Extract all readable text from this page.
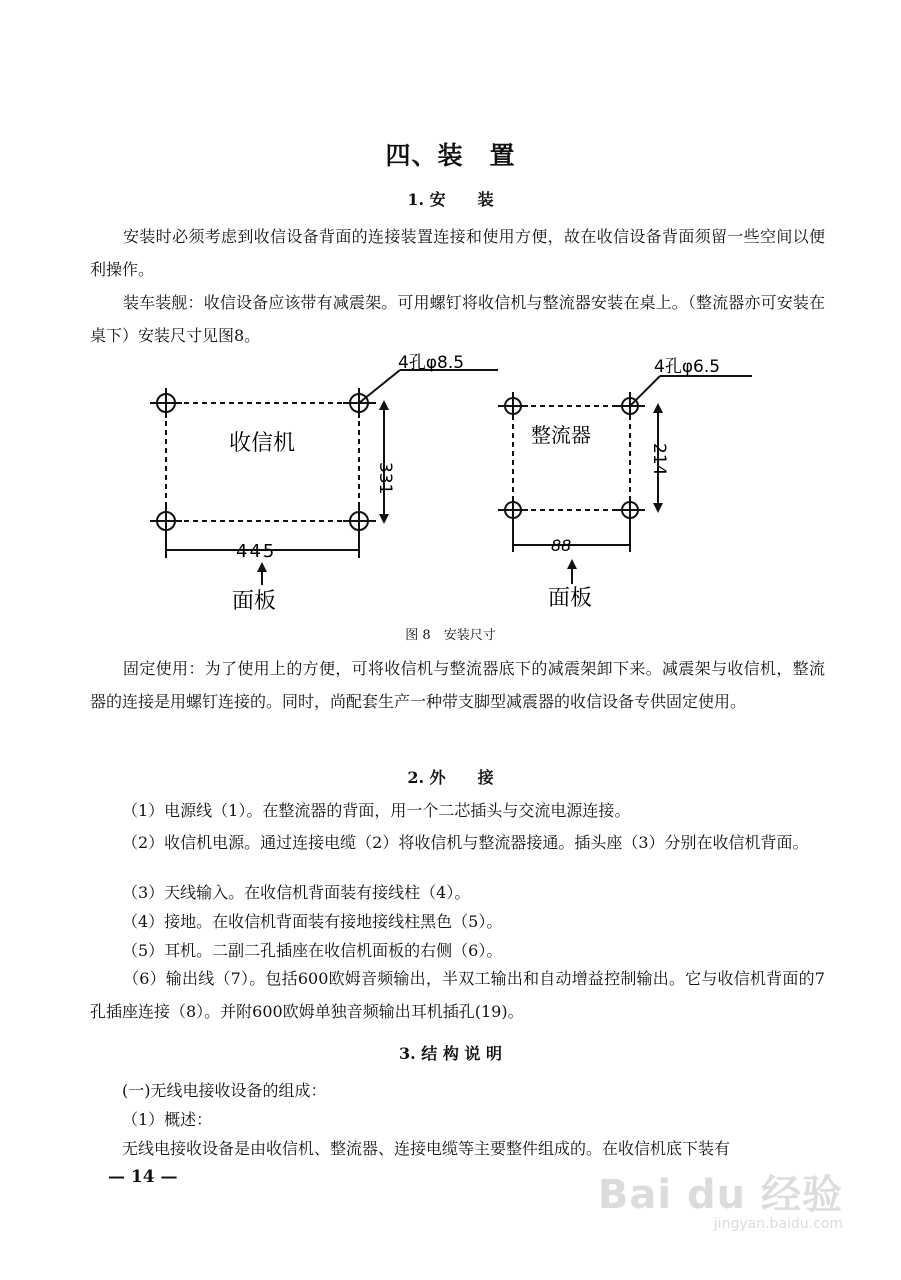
四、装　置
1. 安　　装
安装时必须考虑到收信设备背面的连接装置连接和使用方便，故在收信设备背面须留一些空间以便利操作。
装车装舰：收信设备应该带有减震架。可用螺钉将收信机与整流器安装在桌上。（整流器亦可安装在桌下）安装尺寸见图8。
收信机
4孔φ8.5
445
331
面板
整流器
4孔φ6.5
88
214
面板
图 8　安装尺寸
固定使用：为了使用上的方便，可将收信机与整流器底下的减震架卸下来。减震架与收信机，整流器的连接是用螺钉连接的。同时，尚配套生产一种带支脚型减震器的收信设备专供固定使用。
2. 外　　接
（1）电源线（1）。在整流器的背面，用一个二芯插头与交流电源连接。
（2）收信机电源。通过连接电缆（2）将收信机与整流器接通。插头座（3）分别在收信机背面。
（3）天线输入。在收信机背面装有接线柱（4）。
（4）接地。在收信机背面装有接地接线柱黑色（5）。
（5）耳机。二副二孔插座在收信机面板的右侧（6）。
（6）输出线（7）。包括600欧姆音频输出，半双工输出和自动增益控制输出。它与收信机背面的7孔插座连接（8）。并附600欧姆单独音频输出耳机插孔(19)。
3. 结 构 说 明
(一)无线电接收设备的组成：
（1）概述：
无线电接收设备是由收信机、整流器、连接电缆等主要整件组成的。在收信机底下装有
— 14 —	Bai du 经验
jingyan.baidu.com
